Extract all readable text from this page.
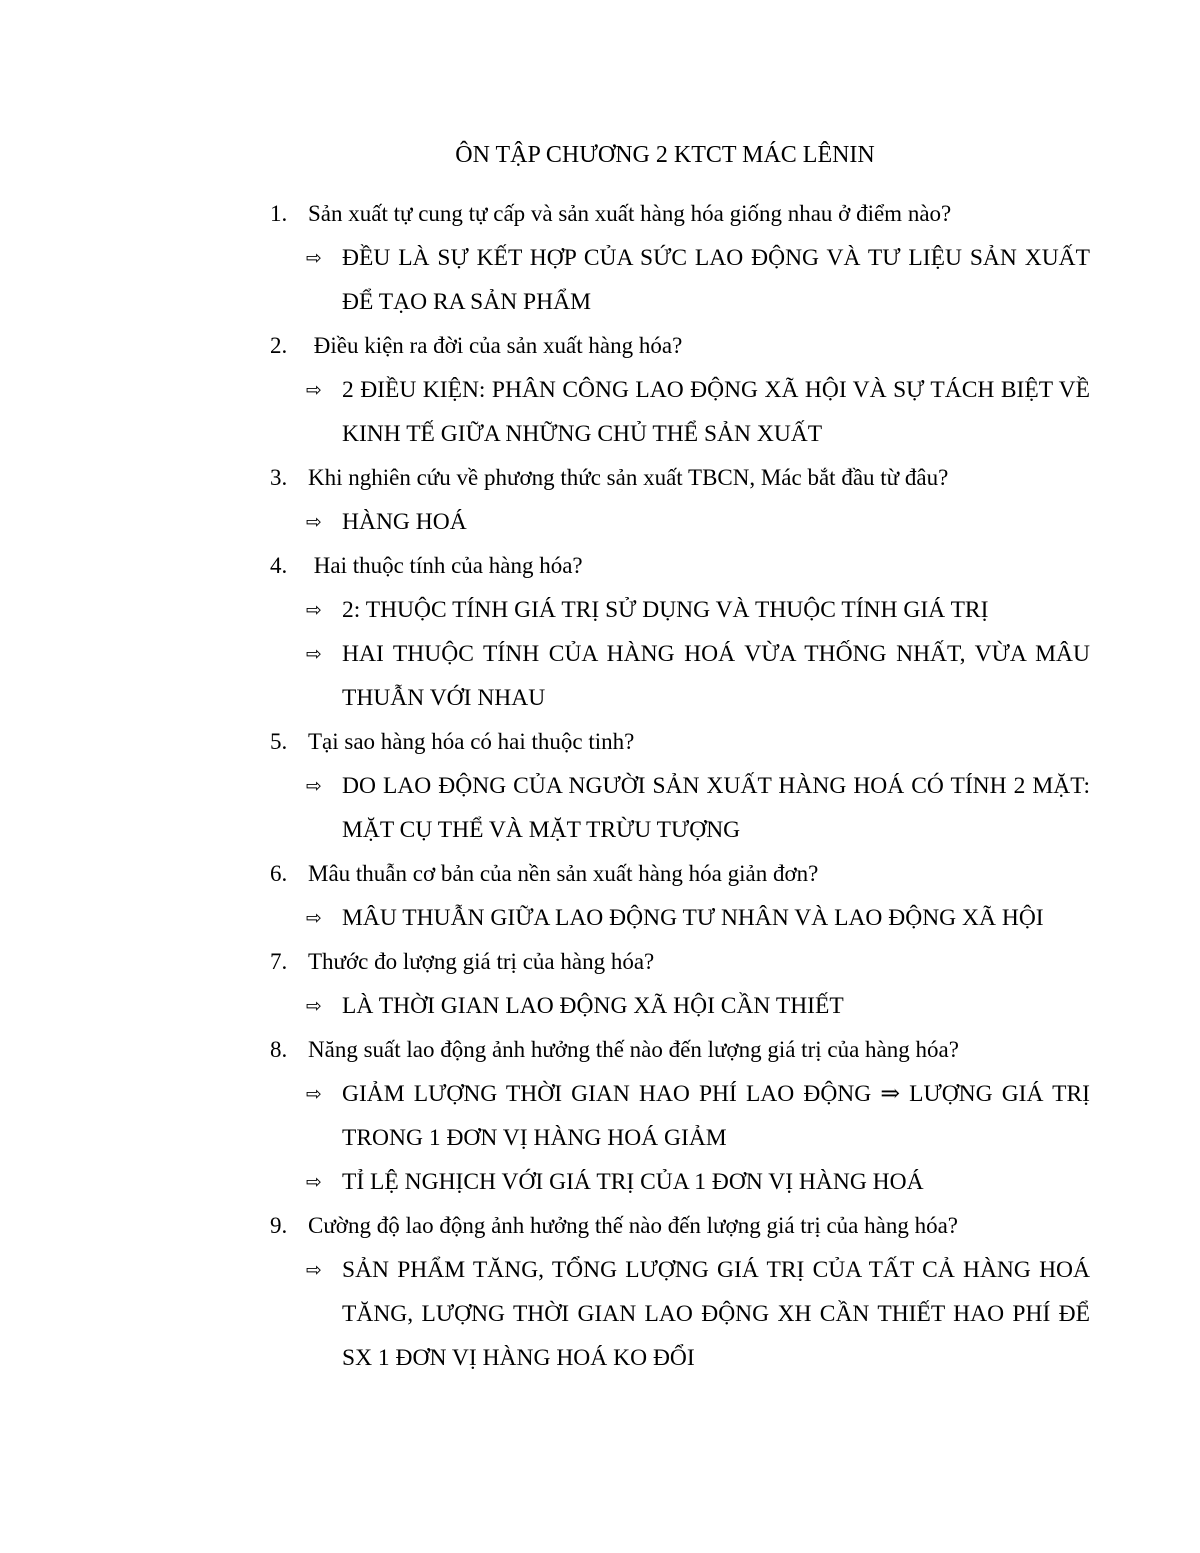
ÔN TẬP CHƯƠNG 2 KTCT MÁC LÊNIN
1. Sản xuất tự cung tự cấp và sản xuất hàng hóa giống nhau ở điểm nào?
⇨ ĐỀU LÀ SỰ KẾT HỢP CỦA SỨC LAO ĐỘNG VÀ TƯ LIỆU SẢN XUẤT ĐỂ TẠO RA SẢN PHẨM
2. Điều kiện ra đời của sản xuất hàng hóa?
⇨ 2 ĐIỀU KIỆN: PHÂN CÔNG LAO ĐỘNG XÃ HỘI VÀ SỰ TÁCH BIỆT VỀ KINH TẾ GIỮA NHỮNG CHỦ THỂ SẢN XUẤT
3. Khi nghiên cứu về phương thức sản xuất TBCN, Mác bắt đầu từ đâu?
⇨ HÀNG HOÁ
4. Hai thuộc tính của hàng hóa?
⇨ 2: THUỘC TÍNH GIÁ TRỊ SỬ DỤNG VÀ THUỘC TÍNH GIÁ TRỊ
⇨ HAI THUỘC TÍNH CỦA HÀNG HOÁ VỪA THỐNG NHẤT, VỪA MÂU THUẪN VỚI NHAU
5. Tại sao hàng hóa có hai thuộc tinh?
⇨ DO LAO ĐỘNG CỦA NGƯỜI SẢN XUẤT HÀNG HOÁ CÓ TÍNH 2 MẶT: MẶT CỤ THỂ VÀ MẶT TRỪU TƯỢNG
6. Mâu thuẫn cơ bản của nền sản xuất hàng hóa giản đơn?
⇨ MÂU THUẪN GIỮA LAO ĐỘNG TƯ NHÂN VÀ LAO ĐỘNG XÃ HỘI
7. Thước đo lượng giá trị của hàng hóa?
⇨ LÀ THỜI GIAN LAO ĐỘNG XÃ HỘI CẦN THIẾT
8. Năng suất lao động ảnh hưởng thế nào đến lượng giá trị của hàng hóa?
⇨ GIẢM LƯỢNG THỜI GIAN HAO PHÍ LAO ĐỘNG ⇒ LƯỢNG GIÁ TRỊ TRONG 1 ĐƠN VỊ HÀNG HOÁ GIẢM
⇨ TỈ LỆ NGHỊCH VỚI GIÁ TRỊ CỦA 1 ĐƠN VỊ HÀNG HOÁ
9. Cường độ lao động ảnh hưởng thế nào đến lượng giá trị của hàng hóa?
⇨ SẢN PHẨM TĂNG, TỔNG LƯỢNG GIÁ TRỊ CỦA TẤT CẢ HÀNG HOÁ TĂNG, LƯỢNG THỜI GIAN LAO ĐỘNG XH CẦN THIẾT HAO PHÍ ĐỂ SX 1 ĐƠN VỊ HÀNG HOÁ KO ĐỔI
